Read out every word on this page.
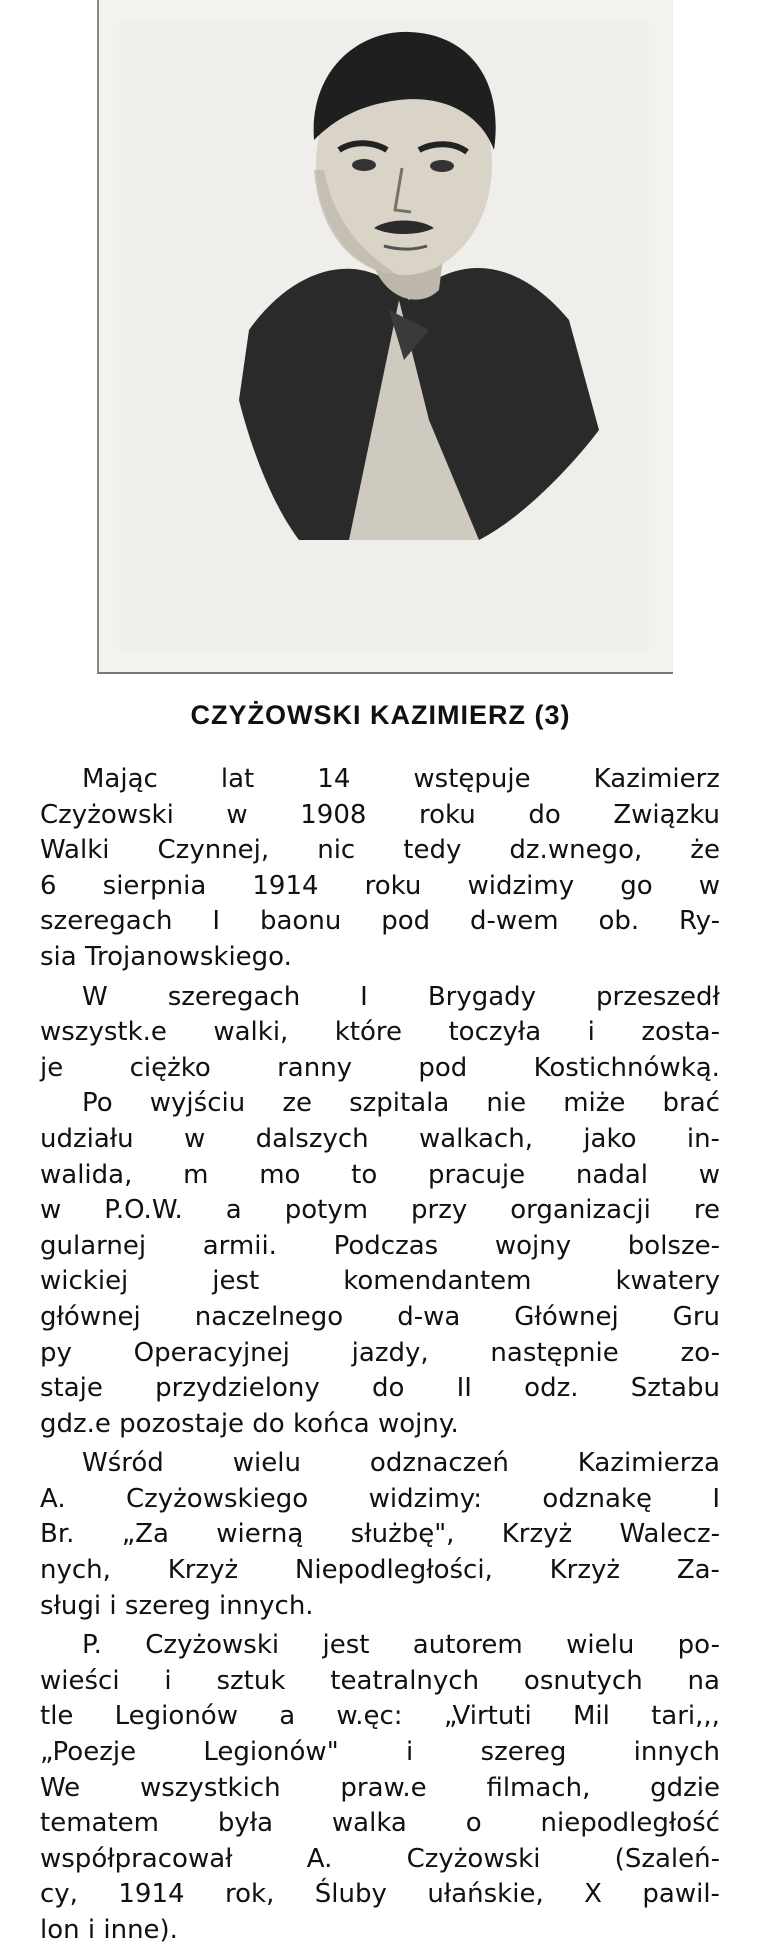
CZYŻOWSKI KAZIMIERZ (3)
Mając lat 14 wstępuje Kazimierz
Czyżowski w 1908 roku do Związku
Walki Czynnej, nic tedy dz.wnego, że
6 sierpnia 1914 roku widzimy go w
szeregach I baonu pod d-wem ob. Ry-
sia Trojanowskiego.
W szeregach I Brygady przeszedł
wszystk.e walki, które toczyła i zosta-
je	ciężko	ranny	pod	Kostichnówką.
Po wyjściu ze szpitala nie miże brać
udziału w dalszych walkach, jako in-
walida, m mo to pracuje nadal w
w P.O.W. a potym przy organizacji re
gularnej armii. Podczas wojny bolsze-
wickiej	jest	komendantem	kwatery
głównej naczelnego d-wa Głównej Gru
py Operacyjnej jazdy, następnie zo-
staje przydzielony do II odz. Sztabu
gdz.e pozostaje do końca wojny.
Wśród	wielu	odznaczeń	Kazimierza
A. Czyżowskiego widzimy: odznakę I
Br. „Za wierną służbę", Krzyż Walecz-
nych, Krzyż Niepodległości, Krzyż Za-
sługi i szereg innych.
P. Czyżowski jest autorem wielu po-
wieści i sztuk teatralnych osnutych na
tle Legionów a w.ęc: „Virtuti Mil tari,,,
„Poezje	Legionów"	i	szereg	innych
We wszystkich praw.e filmach, gdzie
tematem była walka o niepodległość
współpracował	A.	Czyżowski	(Szaleń-
cy, 1914 rok, Śluby ułańskie, X pawil-
lon i inne).
